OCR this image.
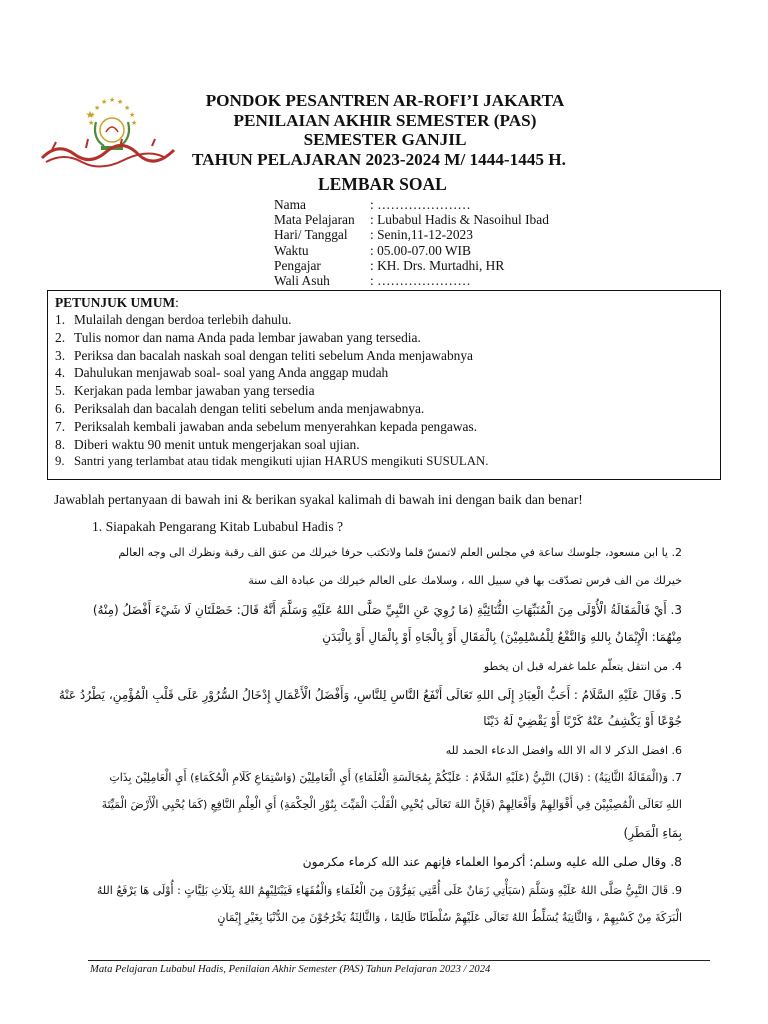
★
★ ★ ★
★
★	★
★	★
PONDOK PESANTREN AR-ROFI’I JAKARTA
PENILAIAN AKHIR SEMESTER (PAS)
SEMESTER GANJIL
TAHUN PELAJARAN 2023-2024 M/ 1444-1445 H.
LEMBAR SOAL
Nama	: …………………
Mata Pelajaran	: Lubabul Hadis & Nasoihul Ibad
Hari/ Tanggal	: Senin,11-12-2023
Waktu	: 05.00-07.00 WIB
Pengajar	: KH. Drs. Murtadhi, HR
Wali Asuh	: …………………
PETUNJUK UMUM:
1. Mulailah dengan berdoa terlebih dahulu.
2. Tulis nomor dan nama Anda pada lembar jawaban yang tersedia.
3. Periksa dan bacalah naskah soal dengan teliti sebelum Anda menjawabnya
4. Dahulukan menjawab soal- soal yang Anda anggap mudah
5. Kerjakan pada lembar jawaban yang tersedia
6. Periksalah dan bacalah dengan teliti sebelum anda menjawabnya.
7. Periksalah kembali jawaban anda sebelum menyerahkan kepada pengawas.
8. Diberi waktu 90 menit untuk mengerjakan soal ujian.
9. Santri yang terlambat atau tidak mengikuti ujian HARUS mengikuti SUSULAN.
Jawablah pertanyaan di bawah ini & berikan syakal kalimah di bawah ini dengan baik dan benar!
1. Siapakah Pengarang Kitab Lubabul Hadis ?
2. يا ابن مسعود، جلوسك ساعة في مجلس العلم لاتمسّ قلما ولاتكتب حرفا خيرلك من عتق الف رقبة ونظرك الى وجه العالم
خيرلك من الف فرس تصدّقت بها في سبيل الله ، وسلامك على العالم خيرلك من عبادة الف سنة
3. أَيْ فَالْمَقَالَةُ الْأُوْلَى مِنَ الْمُنَبِّهَاتِ الثُّنَائِيَّةِ (مَا رُوِيَ عَنِ النَّبِيِّ صَلَّى اللهُ عَلَيْهِ وَسَلَّمَ أَنَّهُ قَالَ: خَصْلَتَانِ لَا شَيْءَ أَفْضَلُ (مِنْهُ)
مِنْهُمَا: الْإِيْمَانُ بِاللهِ وَالنَّفْعُ لِلْمُسْلِمِيْنَ) بِالْمَقَالِ أَوْ بِالْجَاهِ أَوْ بِالْمَالِ أَوْ بِالْبَدَنِ
4. من انتقل يتعلّم علما غفرله قبل ان يخطو
5. وَقَالَ عَلَيْهِ السَّلَامُ : أَحَبُّ الْعِبَادِ إِلَى اللهِ تَعَالَى أَنْفَعُ النَّاسِ لِلنَّاسِ، وَأَفْضَلُ الْأَعْمَالِ إِدْخَالُ السُّرُوْرِ عَلَى قَلْبِ الْمُؤْمِنِ، يَطْرُدُ عَنْهُ
جُوْعًا أَوْ يَكْشِفُ عَنْهُ كَرْبًا أَوْ يَقْضِيْ لَهُ دَيْنًا
6. افضل الذكر لا اله الا الله وافضل الدعاء الحمد لله
7. وَ(الْمَقَالَةُ الثَّانِيَةُ) : (قَالَ) النَّبِيُّ (عَلَيْهِ السَّلَامُ : عَلَيْكُمْ بِمُجَالَسَةِ الْعُلَمَاءِ) أَيِ الْعَامِلِيْنَ (وَاسْتِمَاعِ كَلَامِ الْحُكَمَاءِ) أَيِ الْعَامِلِيْنَ بِذَاتِ
اللهِ تَعَالَى الْمُصِيْبِيْنَ فِي أَقْوَالِهِمْ وَأَفْعَالِهِمْ (فَإِنَّ اللهَ تَعَالَى يُحْيِي الْقَلْبَ الْمَيِّتَ بِنُوْرِ الْحِكْمَةِ) أَيِ الْعِلْمِ النَّافِعِ (كَمَا يُحْيِي الْأَرْضَ الْمَيِّتَةَ
بِمَاءِ الْمَطَرِ)
8. وقال صلى الله عليه وسلم: أكرموا العلماء فإنهم عند الله كرماء مكرمون
9. قَالَ النَّبِيُّ صَلَّى اللهُ عَلَيْهِ وَسَلَّمَ (سَيَأْتِي زَمَانٌ عَلَى أُمَّتِي يَفِرُّوْنَ مِنَ الْعُلَمَاءِ وَالْفُقَهَاءِ فَيَبْتَلِيْهِمُ اللهُ بِثَلَاثِ بَلِيَّاتٍ : أُوْلَى هَا يَرْفَعُ اللهُ
الْبَرَكَةَ مِنْ كَسْبِهِمْ ، وَالثَّانِيَةُ يُسَلِّطُ اللهُ تَعَالَى عَلَيْهِمْ سُلْطَانًا ظَالِمًا ، وَالثَّالِثَةُ يَخْرُجُوْنَ مِنَ الدُّنْيَا بِغَيْرِ إِيْمَانٍ
Mata Pelajaran Lubabul Hadis, Penilaian Akhir Semester (PAS) Tahun Pelajaran 2023 / 2024
